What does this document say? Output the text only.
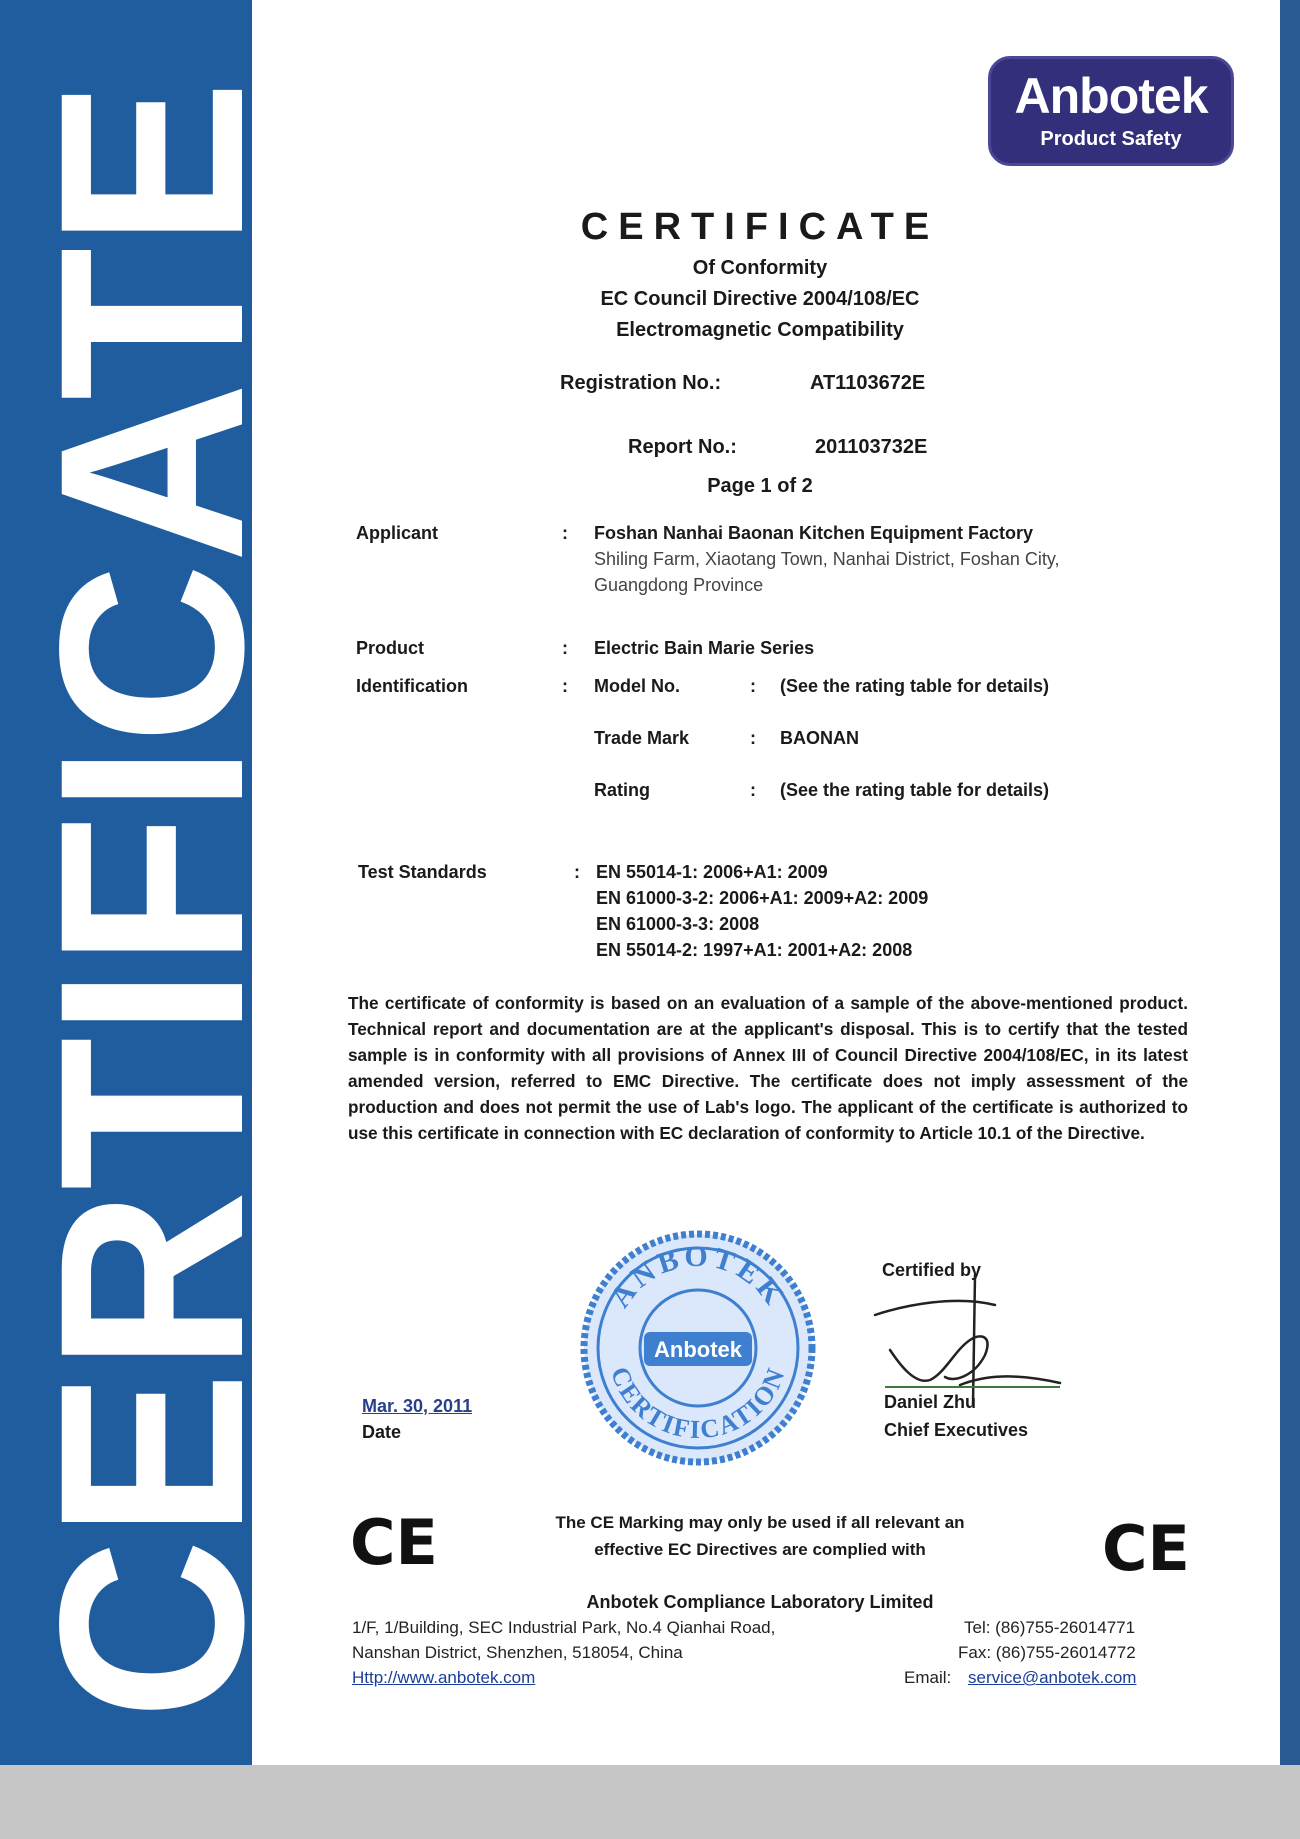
CERTIFICATE	Anbotek
Product Safety
CERTIFICATE
Of Conformity
EC Council Directive 2004/108/EC
Electromagnetic Compatibility
Registration No.:	AT1103672E
Report No.:	201103732E
Page 1 of 2
Applicant	: Foshan Nanhai Baonan Kitchen Equipment Factory
Shiling Farm, Xiaotang Town, Nanhai District, Foshan City,
Guangdong Province
Product	: Electric Bain Marie Series
Identification	: Model No.	: (See the rating table for details)
Trade Mark	: BAONAN
Rating	: (See the rating table for details)
Test Standards	: EN 55014-1: 2006+A1: 2009
EN 61000-3-2: 2006+A1: 2009+A2: 2009
EN 61000-3-3: 2008
EN 55014-2: 1997+A1: 2001+A2: 2008
The certificate of conformity is based on an evaluation of a sample of the above-mentioned product. Technical report and documentation are at the applicant's disposal. This is to certify that the tested sample is in conformity with all provisions of Annex III of Council Directive 2004/108/EC, in its latest amended version, referred to EMC Directive. The certificate does not imply assessment of the production and does not permit the use of Lab's logo. The applicant of the certificate is authorized to use this certificate in connection with EC declaration of conformity to Article 10.1 of the Directive.
Mar. 30, 2011
Date
ANBOTEK
CERTIFICATION
Anbotek
Certified by
Daniel Zhu
Chief Executives
CE	CE
The CE Marking may only be used if all relevant an
effective EC Directives are complied with
Anbotek Compliance Laboratory Limited
1/F, 1/Building, SEC Industrial Park, No.4 Qianhai Road,
Nanshan District, Shenzhen, 518054, China
Http://www.anbotek.com
Tel: (86)755-26014771
Fax: (86)755-26014772
Email: service@anbotek.com
